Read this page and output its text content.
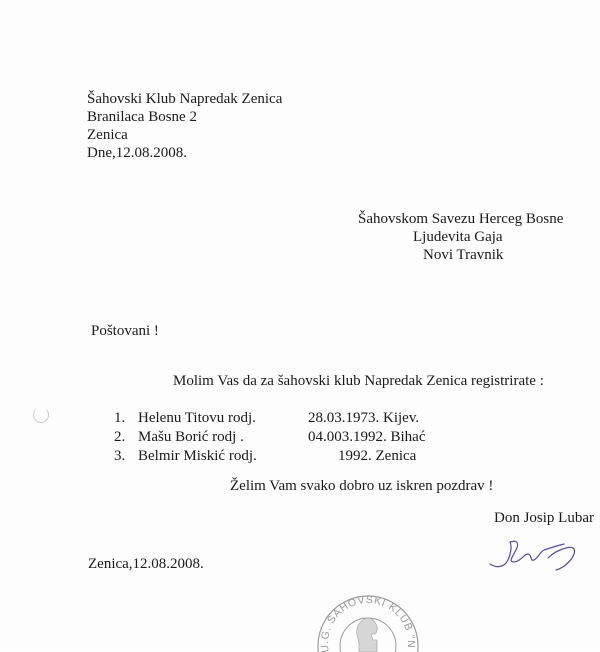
Šahovski Klub Napredak Zenica
Branilaca Bosne 2
Zenica
Dne,12.08.2008.
Šahovskom Savezu Herceg Bosne
Ljudevita Gaja
Novi Travnik
Poštovani !
Molim Vas da za šahovski klub Napredak Zenica registrirate :
1. Helenu Titovu rodj.	28.03.1973. Kijev.
2. Mašu Borić rodj .	04.003.1992. Bihać
3. Belmir Miskić rodj.	1992. Zenica
Želim Vam svako dobro uz iskren pozdrav !
Don Josip Lubar
Zenica,12.08.2008.
U.G. ŠAHOVSKI KLUB "NAPREDAK" ZENICA
